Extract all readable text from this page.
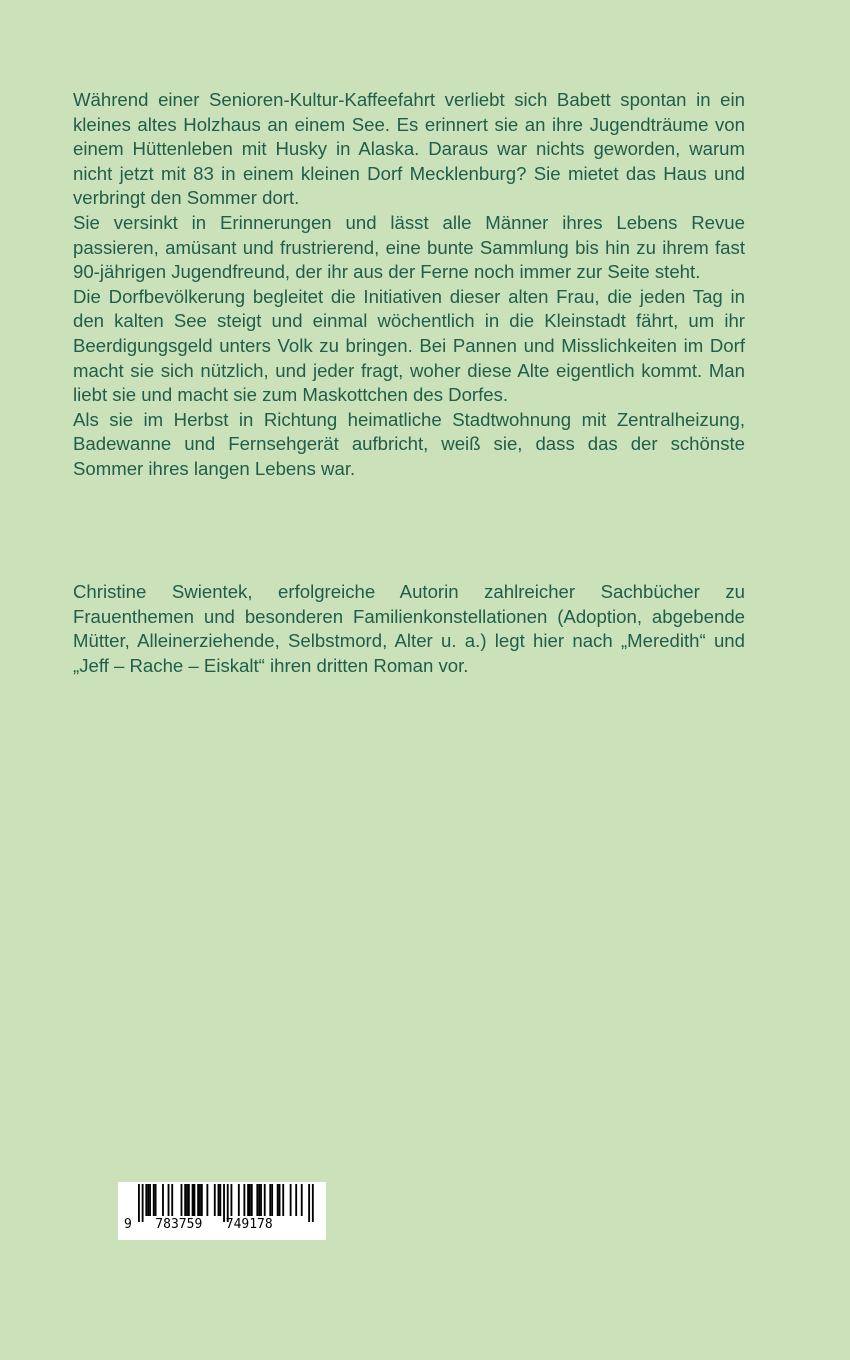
Während einer Senioren-Kultur-Kaffeefahrt verliebt sich Babett spontan in ein kleines altes Holzhaus an einem See. Es erinnert sie an ihre Jugendträume von einem Hüttenleben mit Husky in Alaska. Daraus war nichts geworden, warum nicht jetzt mit 83 in einem kleinen Dorf Mecklenburg? Sie mietet das Haus und verbringt den Sommer dort.

Sie versinkt in Erinnerungen und lässt alle Männer ihres Lebens Revue passieren, amüsant und frustrierend, eine bunte Sammlung bis hin zu ihrem fast 90-jährigen Jugendfreund, der ihr aus der Ferne noch immer zur Seite steht.

Die Dorfbevölkerung begleitet die Initiativen dieser alten Frau, die jeden Tag in den kalten See steigt und einmal wöchentlich in die Kleinstadt fährt, um ihr Beerdigungsgeld unters Volk zu bringen. Bei Pannen und Misslichkeiten im Dorf macht sie sich nützlich, und jeder fragt, woher diese Alte eigentlich kommt. Man liebt sie und macht sie zum Maskottchen des Dorfes.

Als sie im Herbst in Richtung heimatliche Stadtwohnung mit Zentralheizung, Badewanne und Fernsehgerät aufbricht, weiß sie, dass das der schönste Sommer ihres langen Lebens war.

Christine Swientek, erfolgreiche Autorin zahlreicher Sachbücher zu Frauenthemen und besonderen Familienkonstellationen (Adoption, abgebende Mütter, Alleinerziehende, Selbstmord, Alter u. a.) legt hier nach „Meredith“ und „Jeff – Rache – Eiskalt“ ihren dritten Roman vor.

9   783759   749178
